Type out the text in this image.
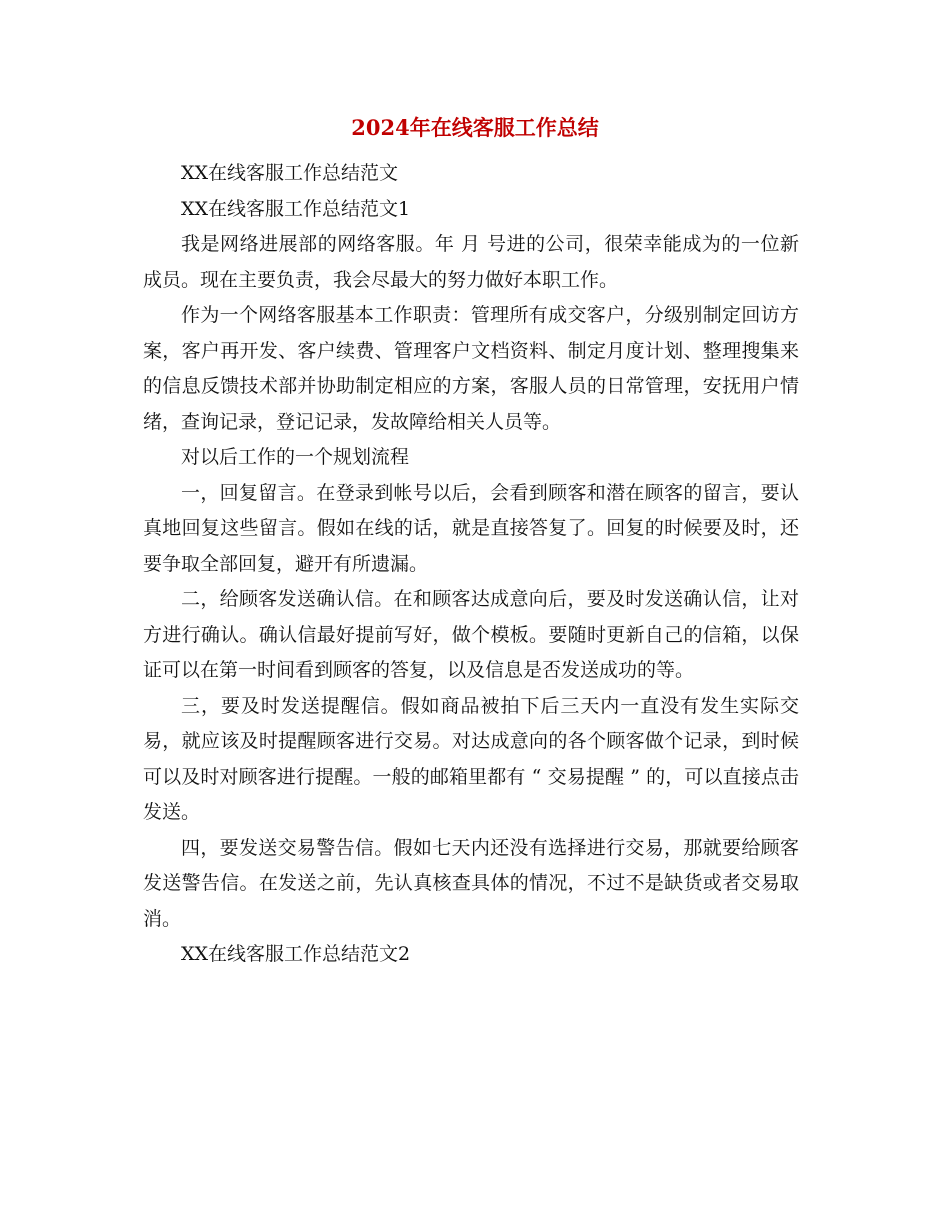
2024年在线客服工作总结

XX在线客服工作总结范文

XX在线客服工作总结范文1

我是网络进展部的网络客服。年 月 号进的公司，很荣幸能成为的一位新成员。现在主要负责，我会尽最大的努力做好本职工作。

作为一个网络客服基本工作职责：管理所有成交客户，分级别制定回访方案，客户再开发、客户续费、管理客户文档资料、制定月度计划、整理搜集来的信息反馈技术部并协助制定相应的方案，客服人员的日常管理，安抚用户情绪，查询记录，登记记录，发故障给相关人员等。

对以后工作的一个规划流程

一，回复留言。在登录到帐号以后，会看到顾客和潜在顾客的留言，要认真地回复这些留言。假如在线的话，就是直接答复了。回复的时候要及时，还要争取全部回复，避开有所遗漏。

二，给顾客发送确认信。在和顾客达成意向后，要及时发送确认信，让对方进行确认。确认信最好提前写好，做个模板。要随时更新自己的信箱，以保证可以在第一时间看到顾客的答复，以及信息是否发送成功的等。

三，要及时发送提醒信。假如商品被拍下后三天内一直没有发生实际交易，就应该及时提醒顾客进行交易。对达成意向的各个顾客做个记录，到时候可以及时对顾客进行提醒。一般的邮箱里都有 “ 交易提醒 ” 的，可以直接点击发送。

四，要发送交易警告信。假如七天内还没有选择进行交易，那就要给顾客发送警告信。在发送之前，先认真核查具体的情况，不过不是缺货或者交易取消。

XX在线客服工作总结范文2
